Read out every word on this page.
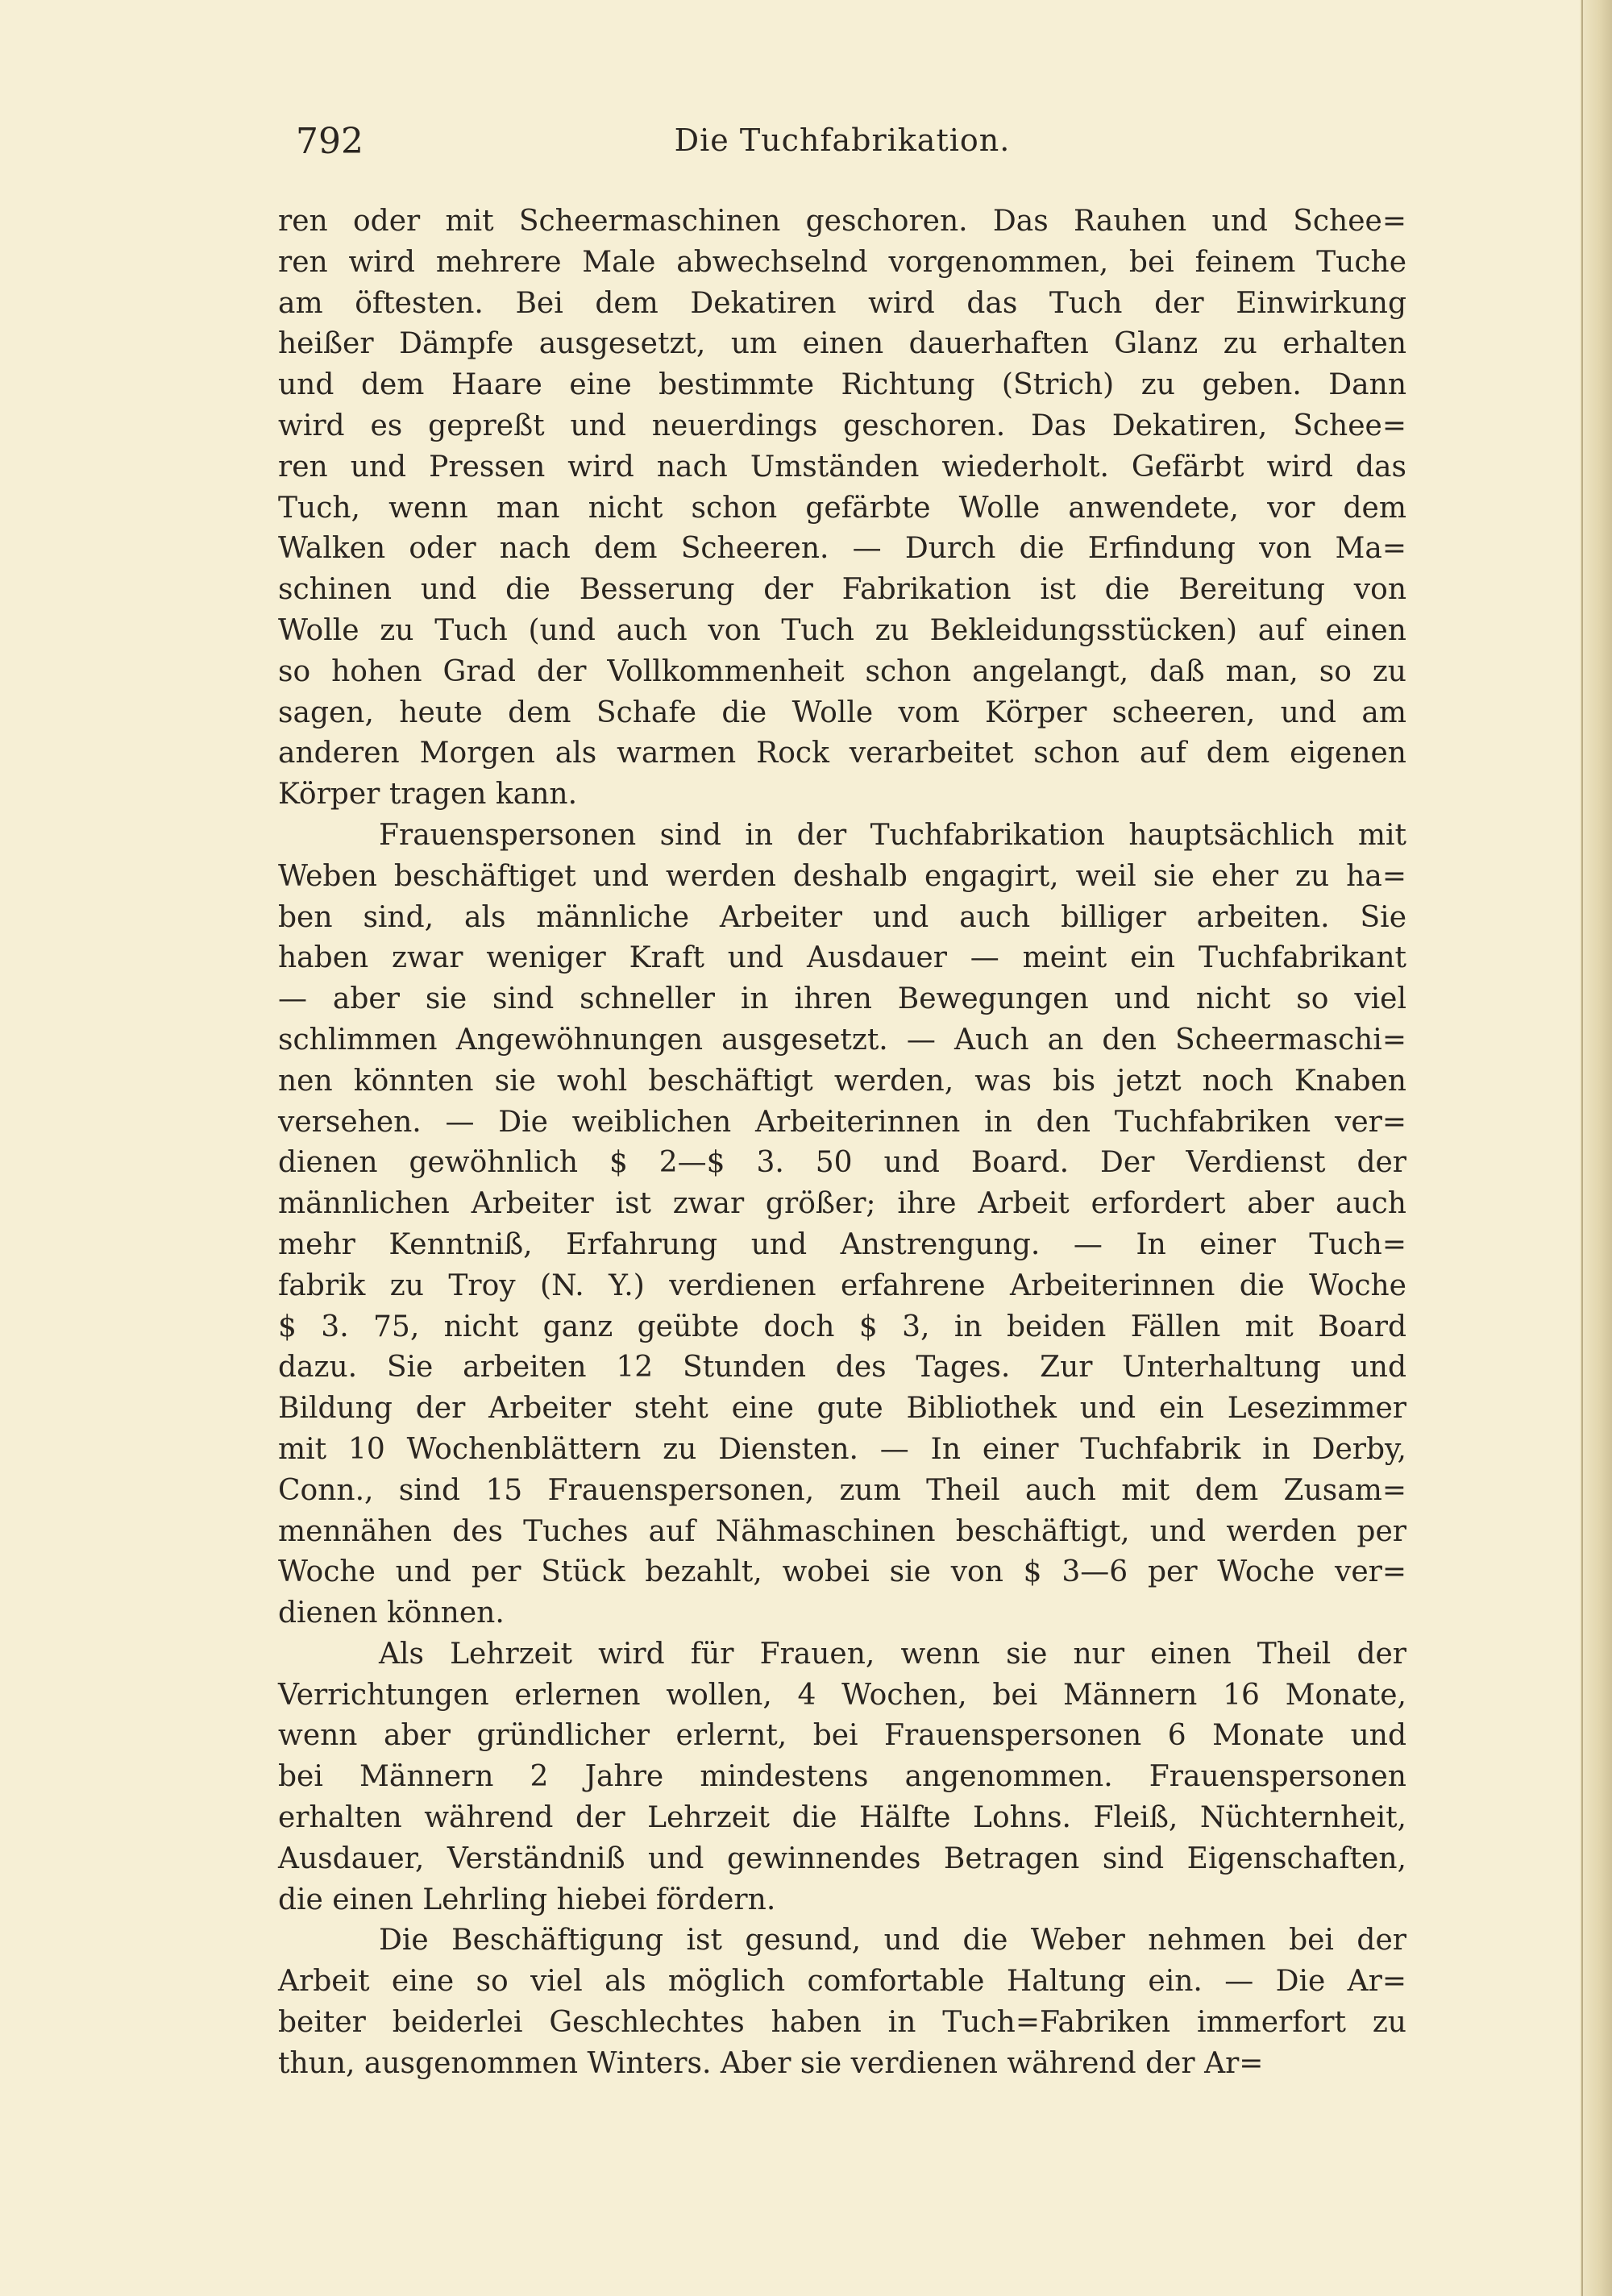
792	Die Tuchfabrikation.
ren oder mit Scheermaschinen geschoren. Das Rauhen und Schee=
ren wird mehrere Male abwechselnd vorgenommen, bei feinem Tuche
am öftesten. Bei dem Dekatiren wird das Tuch der Einwirkung
heißer Dämpfe ausgesetzt, um einen dauerhaften Glanz zu erhalten
und dem Haare eine bestimmte Richtung (Strich) zu geben. Dann
wird es gepreßt und neuerdings geschoren. Das Dekatiren, Schee=
ren und Pressen wird nach Umständen wiederholt. Gefärbt wird das
Tuch, wenn man nicht schon gefärbte Wolle anwendete, vor dem
Walken oder nach dem Scheeren. — Durch die Erfindung von Ma=
schinen und die Besserung der Fabrikation ist die Bereitung von
Wolle zu Tuch (und auch von Tuch zu Bekleidungsstücken) auf einen
so hohen Grad der Vollkommenheit schon angelangt, daß man, so zu
sagen, heute dem Schafe die Wolle vom Körper scheeren, und am
anderen Morgen als warmen Rock verarbeitet schon auf dem eigenen
Körper tragen kann.
Frauenspersonen sind in der Tuchfabrikation hauptsächlich mit
Weben beschäftiget und werden deshalb engagirt, weil sie eher zu ha=
ben sind, als männliche Arbeiter und auch billiger arbeiten. Sie
haben zwar weniger Kraft und Ausdauer — meint ein Tuchfabrikant
— aber sie sind schneller in ihren Bewegungen und nicht so viel
schlimmen Angewöhnungen ausgesetzt. — Auch an den Scheermaschi=
nen könnten sie wohl beschäftigt werden, was bis jetzt noch Knaben
versehen. — Die weiblichen Arbeiterinnen in den Tuchfabriken ver=
dienen gewöhnlich $ 2—$ 3. 50 und Board. Der Verdienst der
männlichen Arbeiter ist zwar größer; ihre Arbeit erfordert aber auch
mehr Kenntniß, Erfahrung und Anstrengung. — In einer Tuch=
fabrik zu Troy (N. Y.) verdienen erfahrene Arbeiterinnen die Woche
$ 3. 75, nicht ganz geübte doch $ 3, in beiden Fällen mit Board
dazu. Sie arbeiten 12 Stunden des Tages. Zur Unterhaltung und
Bildung der Arbeiter steht eine gute Bibliothek und ein Lesezimmer
mit 10 Wochenblättern zu Diensten. — In einer Tuchfabrik in Derby,
Conn., sind 15 Frauenspersonen, zum Theil auch mit dem Zusam=
mennähen des Tuches auf Nähmaschinen beschäftigt, und werden per
Woche und per Stück bezahlt, wobei sie von $ 3—6 per Woche ver=
dienen können.
Als Lehrzeit wird für Frauen, wenn sie nur einen Theil der
Verrichtungen erlernen wollen, 4 Wochen, bei Männern 16 Monate,
wenn aber gründlicher erlernt, bei Frauenspersonen 6 Monate und
bei Männern 2 Jahre mindestens angenommen. Frauenspersonen
erhalten während der Lehrzeit die Hälfte Lohns. Fleiß, Nüchternheit,
Ausdauer, Verständniß und gewinnendes Betragen sind Eigenschaften,
die einen Lehrling hiebei fördern.
Die Beschäftigung ist gesund, und die Weber nehmen bei der
Arbeit eine so viel als möglich comfortable Haltung ein. — Die Ar=
beiter beiderlei Geschlechtes haben in Tuch=Fabriken immerfort zu
thun, ausgenommen Winters. Aber sie verdienen während der Ar=
